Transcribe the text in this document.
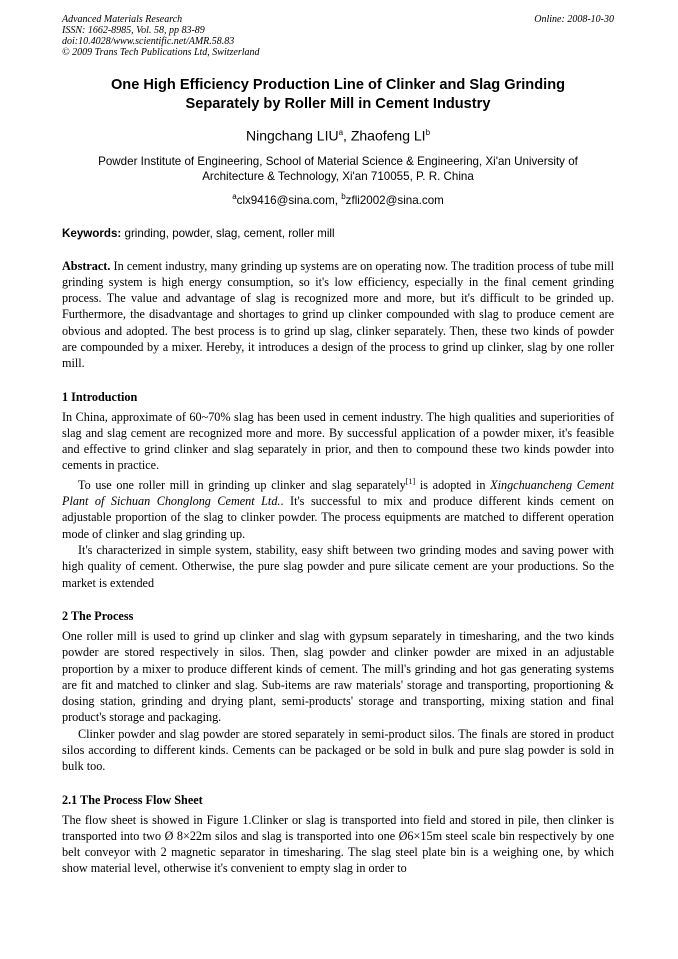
Advanced Materials Research	Online: 2008-10-30
ISSN: 1662-8985, Vol. 58, pp 83-89
doi:10.4028/www.scientific.net/AMR.58.83
© 2009 Trans Tech Publications Ltd, Switzerland
One High Efficiency Production Line of Clinker and Slag Grinding
Separately by Roller Mill in Cement Industry
Ningchang LIU$^a$, Zhaofeng $LI^b$
Powder Institute of Engineering, School of Material Science & Engineering, Xi'an University of
Architecture & Technology, Xi'an 710055, P. R. China
$^a$clx9416@sina.com, $^b$zfli2002@sina.com
Keywords: grinding, powder, slag, cement, roller mill
Abstract. In cement industry, many grinding up systems are on operating now. The tradition process of tube mill grinding system is high energy consumption, so it's low efficiency, especially in the final cement grinding process. The value and advantage of slag is recognized more and more, but it's difficult to be grinded up. Furthermore, the disadvantage and shortages to grind up clinker compounded with slag to produce cement are obvious and adopted. The best process is to grind up slag, clinker separately. Then, these two kinds of powder are compounded by a mixer. Hereby, it introduces a design of the process to grind up clinker, slag by one roller mill.
1 Introduction

In China, approximate of 60~70% slag has been used in cement industry. The high qualities and superiorities of slag and slag cement are recognized more and more. By successful application of a powder mixer, it's feasible and effective to grind clinker and slag separately in prior, and then to compound these two kinds powder into cements in practice.

To use one roller mill in grinding up clinker and slag separately[1] is adopted in Xingchuancheng Cement Plant of Sichuan Chonglong Cement Ltd.. It's successful to mix and produce different kinds cement on adjustable proportion of the slag to clinker powder. The process equipments are matched to different operation mode of clinker and slag grinding up.

It's characterized in simple system, stability, easy shift between two grinding modes and saving power with high quality of cement. Otherwise, the pure slag powder and pure silicate cement are your productions. So the market is extended

2 The Process

One roller mill is used to grind up clinker and slag with gypsum separately in timesharing, and the two kinds powder are stored respectively in silos. Then, slag powder and clinker powder are mixed in an adjustable proportion by a mixer to produce different kinds of cement. The mill's grinding and hot gas generating systems are fit and matched to clinker and slag. Sub-items are raw materials' storage and transporting, proportioning & dosing station, grinding and drying plant, semi-products' storage and transporting, mixing station and final product's storage and packaging.

Clinker powder and slag powder are stored separately in semi-product silos. The finals are stored in product silos according to different kinds. Cements can be packaged or be sold in bulk and pure slag powder is sold in bulk too.

2.1 The Process Flow Sheet

The flow sheet is showed in Figure 1.Clinker or slag is transported into field and stored in pile, then clinker is transported into two Ø 8×22m silos and slag is transported into one Ø6×15m steel scale bin respectively by one belt conveyor with 2 magnetic separator in timesharing. The slag steel plate bin is a weighing one, by which show material level, otherwise it's convenient to empty slag in order to
